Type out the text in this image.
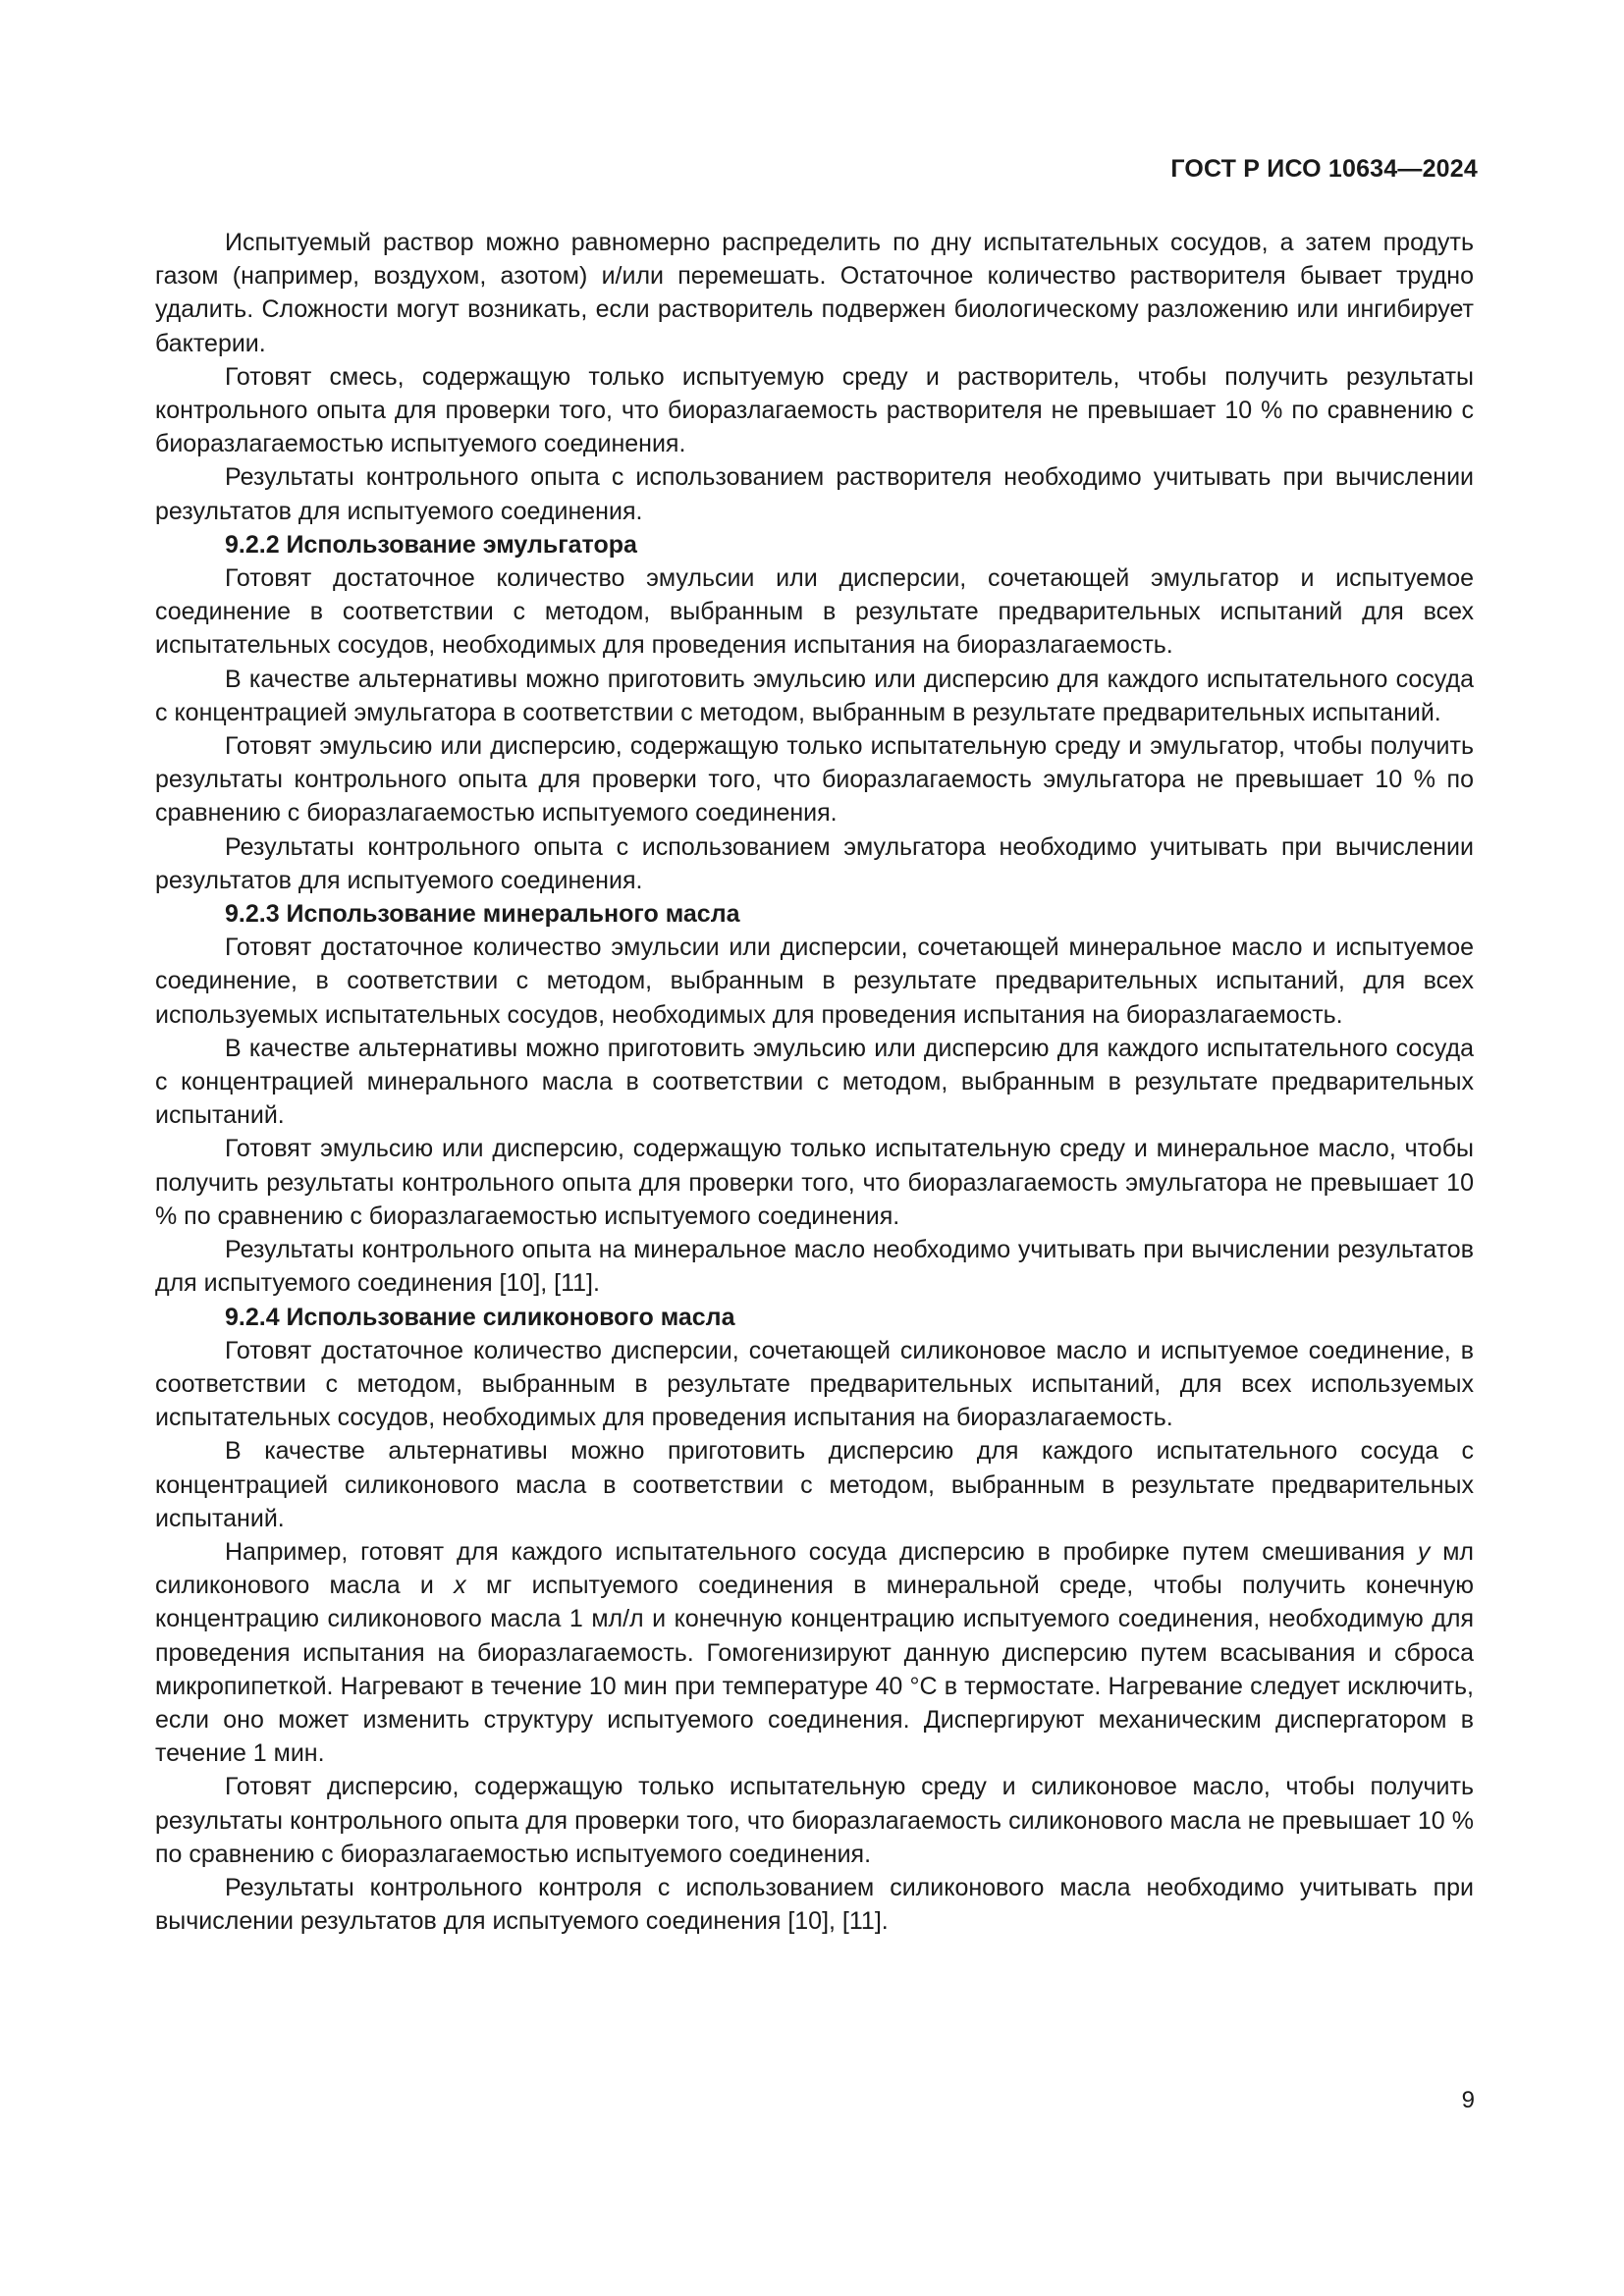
ГОСТ Р ИСО 10634—2024

Испытуемый раствор можно равномерно распределить по дну испытательных сосудов, а затем продуть газом (например, воздухом, азотом) и/или перемешать. Остаточное количество растворителя бывает трудно удалить. Сложности могут возникать, если растворитель подвержен биологическому разложению или ингибирует бактерии.

Готовят смесь, содержащую только испытуемую среду и растворитель, чтобы получить результаты контрольного опыта для проверки того, что биоразлагаемость растворителя не превышает 10 % по сравнению с биоразлагаемостью испытуемого соединения.

Результаты контрольного опыта с использованием растворителя необходимо учитывать при вычислении результатов для испытуемого соединения.

9.2.2 Использование эмульгатора

Готовят достаточное количество эмульсии или дисперсии, сочетающей эмульгатор и испытуемое соединение в соответствии с методом, выбранным в результате предварительных испытаний для всех испытательных сосудов, необходимых для проведения испытания на биоразлагаемость.

В качестве альтернативы можно приготовить эмульсию или дисперсию для каждого испытательного сосуда с концентрацией эмульгатора в соответствии с методом, выбранным в результате предварительных испытаний.

Готовят эмульсию или дисперсию, содержащую только испытательную среду и эмульгатор, чтобы получить результаты контрольного опыта для проверки того, что биоразлагаемость эмульгатора не превышает 10 % по сравнению с биоразлагаемостью испытуемого соединения.

Результаты контрольного опыта с использованием эмульгатора необходимо учитывать при вычислении результатов для испытуемого соединения.

9.2.3 Использование минерального масла

Готовят достаточное количество эмульсии или дисперсии, сочетающей минеральное масло и испытуемое соединение, в соответствии с методом, выбранным в результате предварительных испытаний, для всех используемых испытательных сосудов, необходимых для проведения испытания на биоразлагаемость.

В качестве альтернативы можно приготовить эмульсию или дисперсию для каждого испытательного сосуда с концентрацией минерального масла в соответствии с методом, выбранным в результате предварительных испытаний.

Готовят эмульсию или дисперсию, содержащую только испытательную среду и минеральное масло, чтобы получить результаты контрольного опыта для проверки того, что биоразлагаемость эмульгатора не превышает 10 % по сравнению с биоразлагаемостью испытуемого соединения.

Результаты контрольного опыта на минеральное масло необходимо учитывать при вычислении результатов для испытуемого соединения [10], [11].

9.2.4 Использование силиконового масла

Готовят достаточное количество дисперсии, сочетающей силиконовое масло и испытуемое соединение, в соответствии с методом, выбранным в результате предварительных испытаний, для всех используемых испытательных сосудов, необходимых для проведения испытания на биоразлагаемость.

В качестве альтернативы можно приготовить дисперсию для каждого испытательного сосуда с концентрацией силиконового масла в соответствии с методом, выбранным в результате предварительных испытаний.

Например, готовят для каждого испытательного сосуда дисперсию в пробирке путем смешивания y мл силиконового масла и x мг испытуемого соединения в минеральной среде, чтобы получить конечную концентрацию силиконового масла 1 мл/л и конечную концентрацию испытуемого соединения, необходимую для проведения испытания на биоразлагаемость. Гомогенизируют данную дисперсию путем всасывания и сброса микропипеткой. Нагревают в течение 10 мин при температуре 40 °С в термостате. Нагревание следует исключить, если оно может изменить структуру испытуемого соединения. Диспергируют механическим диспергатором в течение 1 мин.

Готовят дисперсию, содержащую только испытательную среду и силиконовое масло, чтобы получить результаты контрольного опыта для проверки того, что биоразлагаемость силиконового масла не превышает 10 % по сравнению с биоразлагаемостью испытуемого соединения.

Результаты контрольного контроля с использованием силиконового масла необходимо учитывать при вычислении результатов для испытуемого соединения [10], [11].

9
